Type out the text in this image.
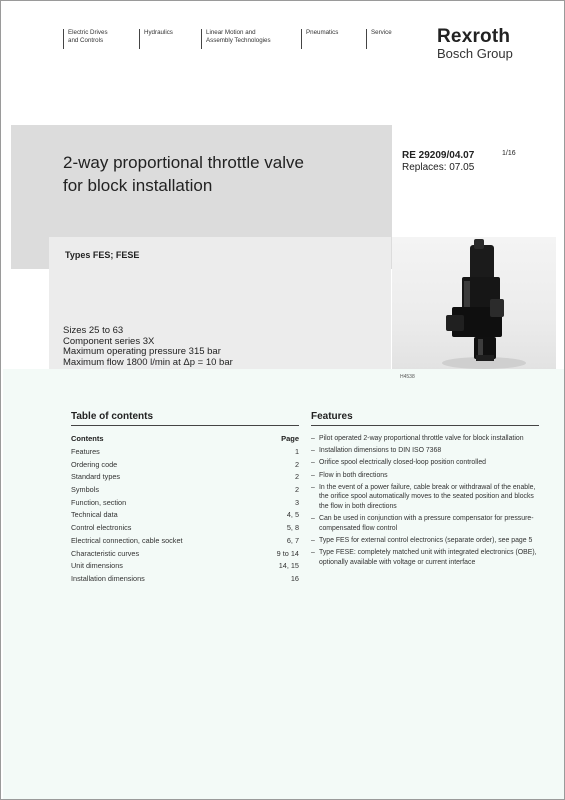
Electric Drives
and Controls
Hydraulics	Linear Motion and
Assembly Technologies
Pneumatics	Service Rexroth
Bosch Group
2-way proportional throttle valve
for block installation
RE 29209/04.07
Replaces: 07.05
1/16
Types FES; FESE
Sizes 25 to 63
Component series 3X
Maximum operating pressure 315 bar
Maximum flow 1800 l/min at Δp = 10 bar
H4538
Table of contents
Contents	Page
Features	1
Ordering code	2
Standard types	2
Symbols	2
Function, section	3
Technical data	4, 5
Control electronics	5, 8
Electrical connection, cable socket	6, 7
Characteristic curves	9 to 14
Unit dimensions	14, 15
Installation dimensions	16
Features
– Pilot operated 2-way proportional throttle valve for block installation
– Installation dimensions to DIN ISO 7368
– Orifice spool electrically closed-loop position controlled
– Flow in both directions
– In the event of a power failure, cable break or withdrawal of the enable, the orifice spool automatically moves to the seated position and blocks the flow in both directions
– Can be used in conjunction with a pressure compensator for pressure-compensated flow control
– Type FES for external control electronics (separate order), see page 5
– Type FESE: completely matched unit with integrated electronics (OBE), optionally available with voltage or current interface
